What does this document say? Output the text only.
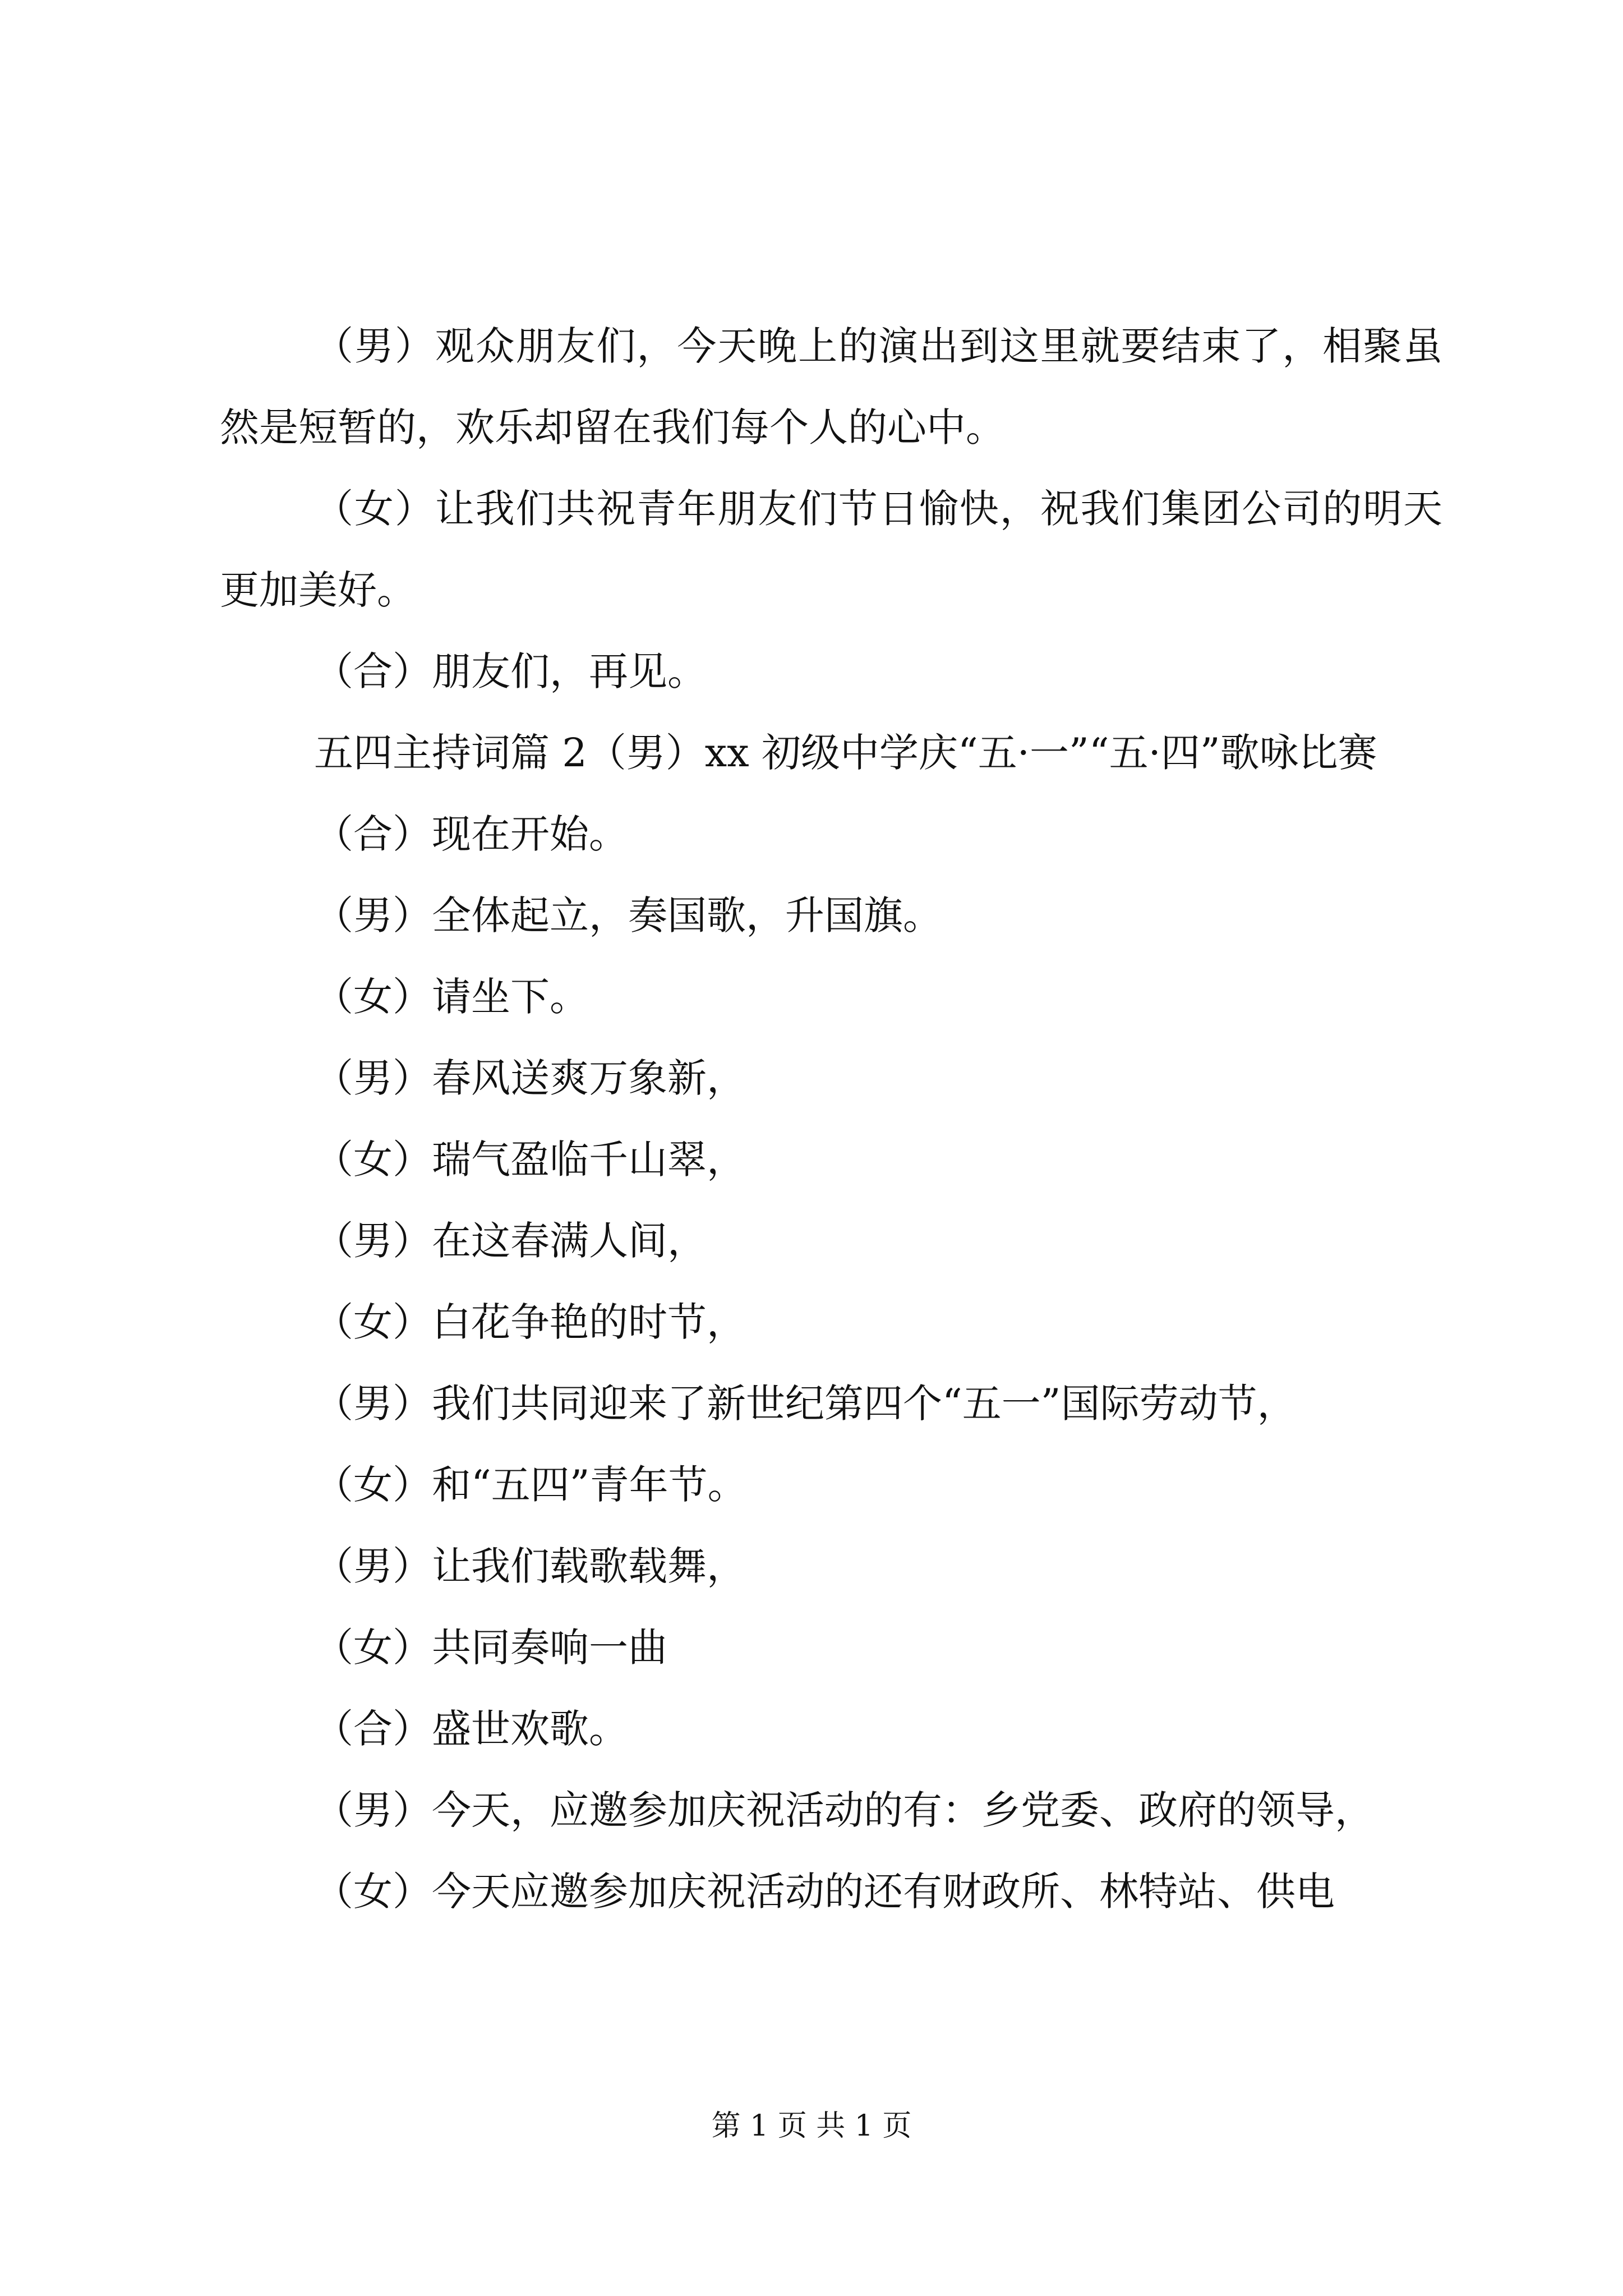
（男）观众朋友们，今天晚上的演出到这里就要结束了，相聚虽然是短暂的，欢乐却留在我们每个人的心中。

（女）让我们共祝青年朋友们节日愉快，祝我们集团公司的明天更加美好。

（合）朋友们，再见。

五四主持词篇 2（男）xx 初级中学庆“五·一”“五·四”歌咏比赛

（合）现在开始。

（男）全体起立，奏国歌，升国旗。

（女）请坐下。

（男）春风送爽万象新，

（女）瑞气盈临千山翠，

（男）在这春满人间，

（女）白花争艳的时节，

（男）我们共同迎来了新世纪第四个“五一”国际劳动节，

（女）和“五四”青年节。

（男）让我们载歌载舞，

（女）共同奏响一曲

（合）盛世欢歌。

（男）今天，应邀参加庆祝活动的有：乡党委、政府的领导，

（女）今天应邀参加庆祝活动的还有财政所、林特站、供电

第 1 页 共 1 页
